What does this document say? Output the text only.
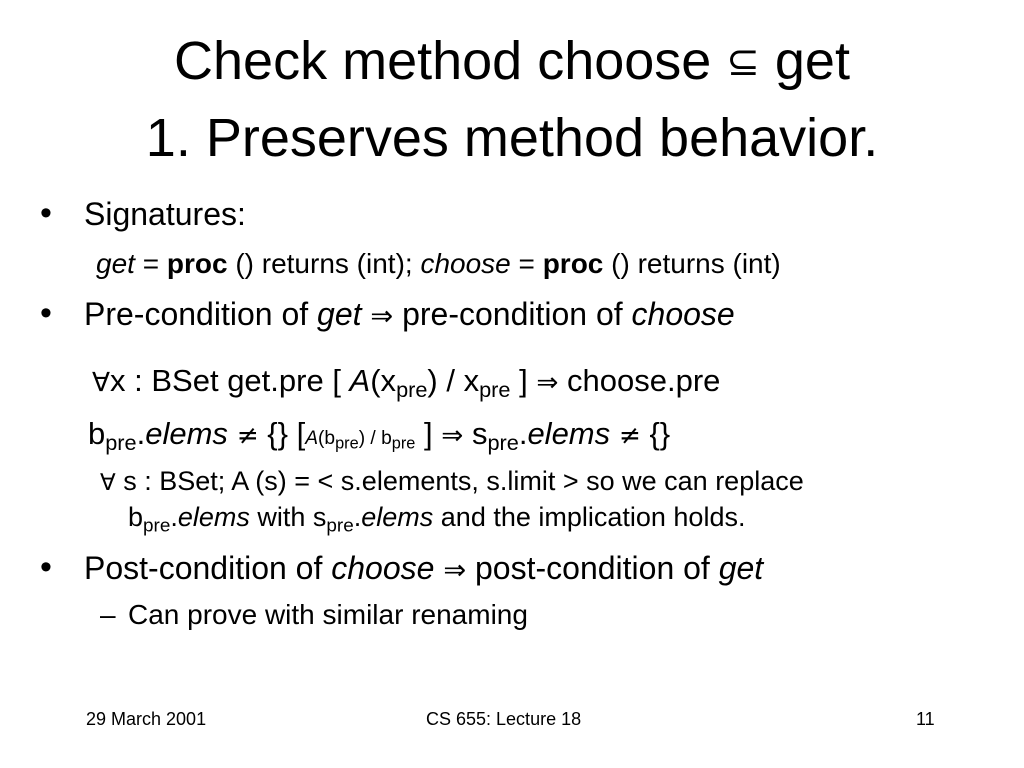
Check method choose ⊆ get
1. Preserves method behavior.
• Signatures:
get = proc () returns (int); choose = proc () returns (int)
• Pre-condition of get ⇒ pre-condition of choose
∀x : BSet get.pre [ $A(x_{pre}) / x_{pre}$ ] ⇒ choose.pre
$b_{pre}.elems$ ≠ {} [$A(b_{pre}) / b_{pre}$ ] ⇒ $s_{pre}.elems$ ≠ {}
∀ s : BSet; A (s) = < s.elements, s.limit > so we can replace
$b_{pre}.elems$ with $s_{pre}.elems$ and the implication holds.
• Post-condition of choose ⇒ post-condition of get
– Can prove with similar renaming
29 March 2001	CS 655: Lecture 18	11
